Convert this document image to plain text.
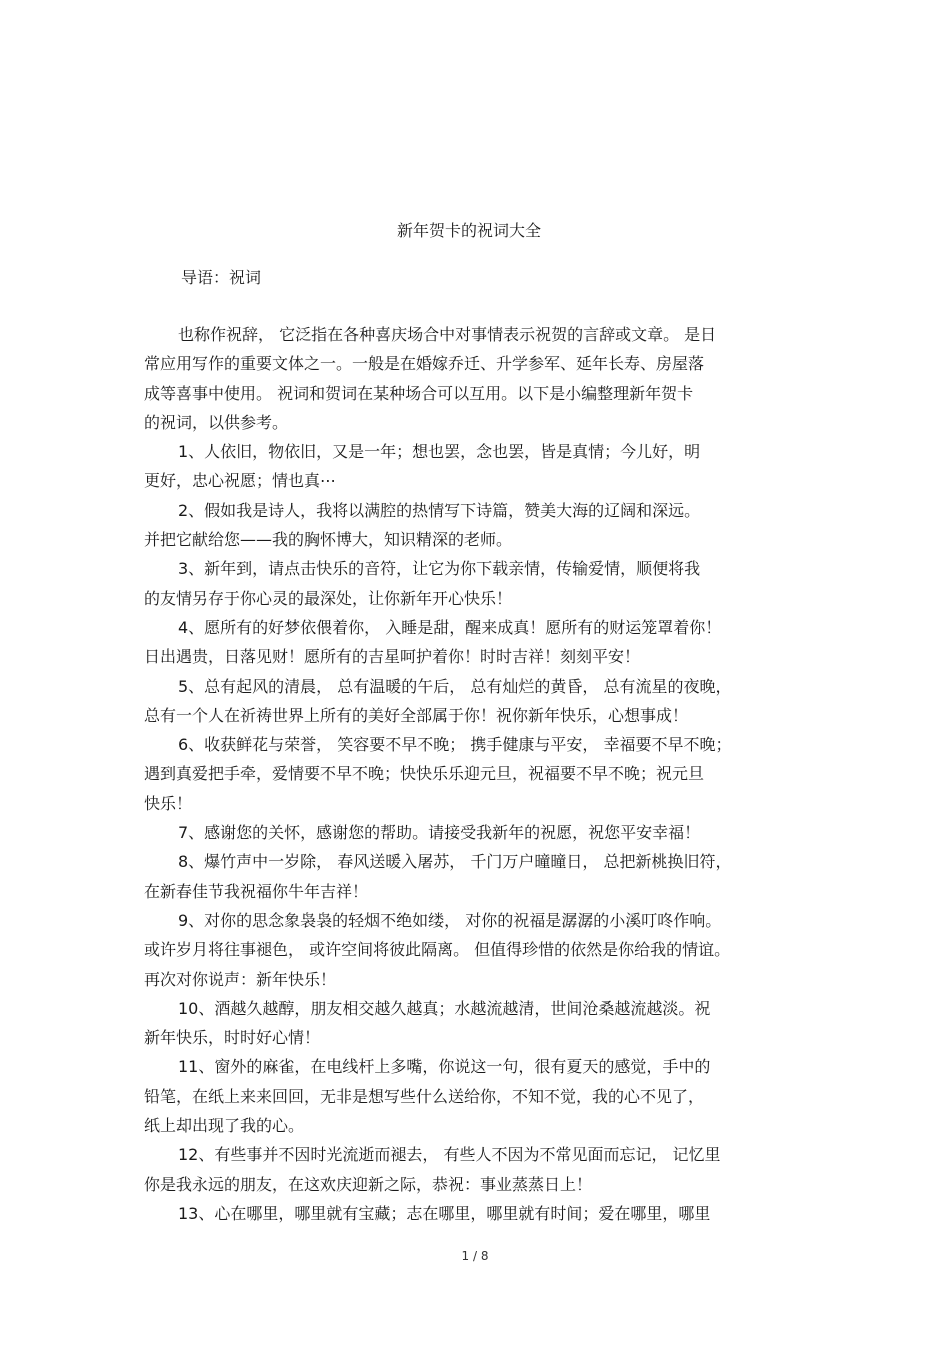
新年贺卡的祝词大全
导语：祝词
也称作祝辞， 它泛指在各种喜庆场合中对事情表示祝贺的言辞或文章。 是日
常应用写作的重要文体之一。一般是在婚嫁乔迁、升学参军、延年长寿、房屋落
成等喜事中使用。 祝词和贺词在某种场合可以互用。以下是小编整理新年贺卡
的祝词，以供参考。
1、人依旧，物依旧，又是一年；想也罢，念也罢，皆是真情；今儿好，明
更好，忠心祝愿；情也真⋯
2、假如我是诗人，我将以满腔的热情写下诗篇，赞美大海的辽阔和深远。
并把它献给您——我的胸怀博大，知识精深的老师。
3、新年到，请点击快乐的音符，让它为你下载亲情，传输爱情，顺便将我
的友情另存于你心灵的最深处，让你新年开心快乐！
4、愿所有的好梦依偎着你， 入睡是甜，醒来成真！愿所有的财运笼罩着你！
日出遇贵，日落见财！愿所有的吉星呵护着你！时时吉祥！刻刻平安！
5、总有起风的清晨， 总有温暖的午后， 总有灿烂的黄昏， 总有流星的夜晚，
总有一个人在祈祷世界上所有的美好全部属于你！祝你新年快乐，心想事成！
6、收获鲜花与荣誉， 笑容要不早不晚； 携手健康与平安， 幸福要不早不晚；
遇到真爱把手牵，爱情要不早不晚；快快乐乐迎元旦，祝福要不早不晚；祝元旦
快乐！
7、感谢您的关怀，感谢您的帮助。请接受我新年的祝愿，祝您平安幸福！
8、爆竹声中一岁除， 春风送暖入屠苏， 千门万户曈曈日， 总把新桃换旧符，
在新春佳节我祝福你牛年吉祥！
9、对你的思念象袅袅的轻烟不绝如缕， 对你的祝福是潺潺的小溪叮咚作响。
或许岁月将往事褪色， 或许空间将彼此隔离。 但值得珍惜的依然是你给我的情谊。
再次对你说声：新年快乐！
10、酒越久越醇，朋友相交越久越真；水越流越清，世间沧桑越流越淡。祝
新年快乐，时时好心情！
11、窗外的麻雀，在电线杆上多嘴，你说这一句，很有夏天的感觉，手中的
铅笔，在纸上来来回回，无非是想写些什么送给你，不知不觉，我的心不见了，
纸上却出现了我的心。
12、有些事并不因时光流逝而褪去， 有些人不因为不常见面而忘记， 记忆里
你是我永远的朋友，在这欢庆迎新之际，恭祝：事业蒸蒸日上！
13、心在哪里，哪里就有宝藏；志在哪里，哪里就有时间；爱在哪里，哪里
1 / 8
